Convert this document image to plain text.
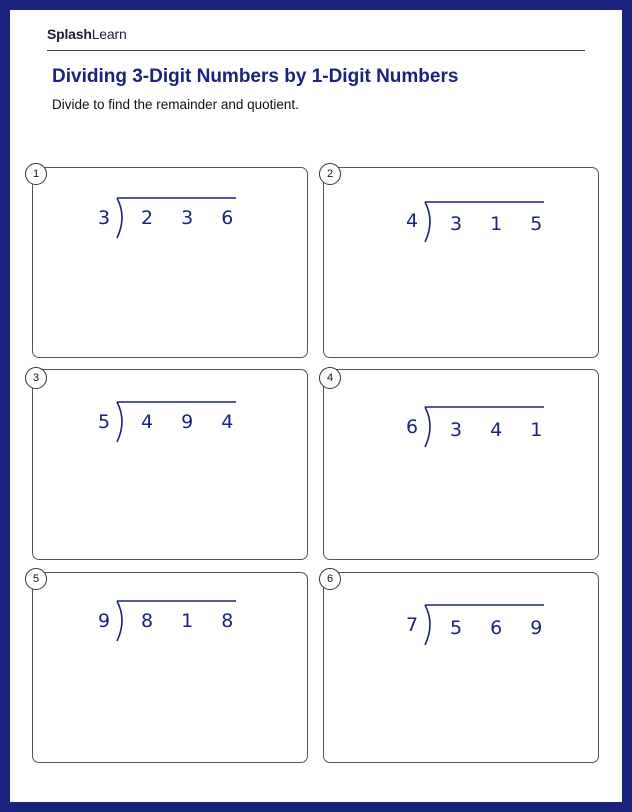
SplashLearn
Dividing 3-Digit Numbers by 1-Digit Numbers
Divide to find the remainder and quotient.
3 2 3 6
1
4 3 1 5
2
5 4 9 4
3
6 3 4 1
4
9 8 1 8
5
7 5 6 9
6
